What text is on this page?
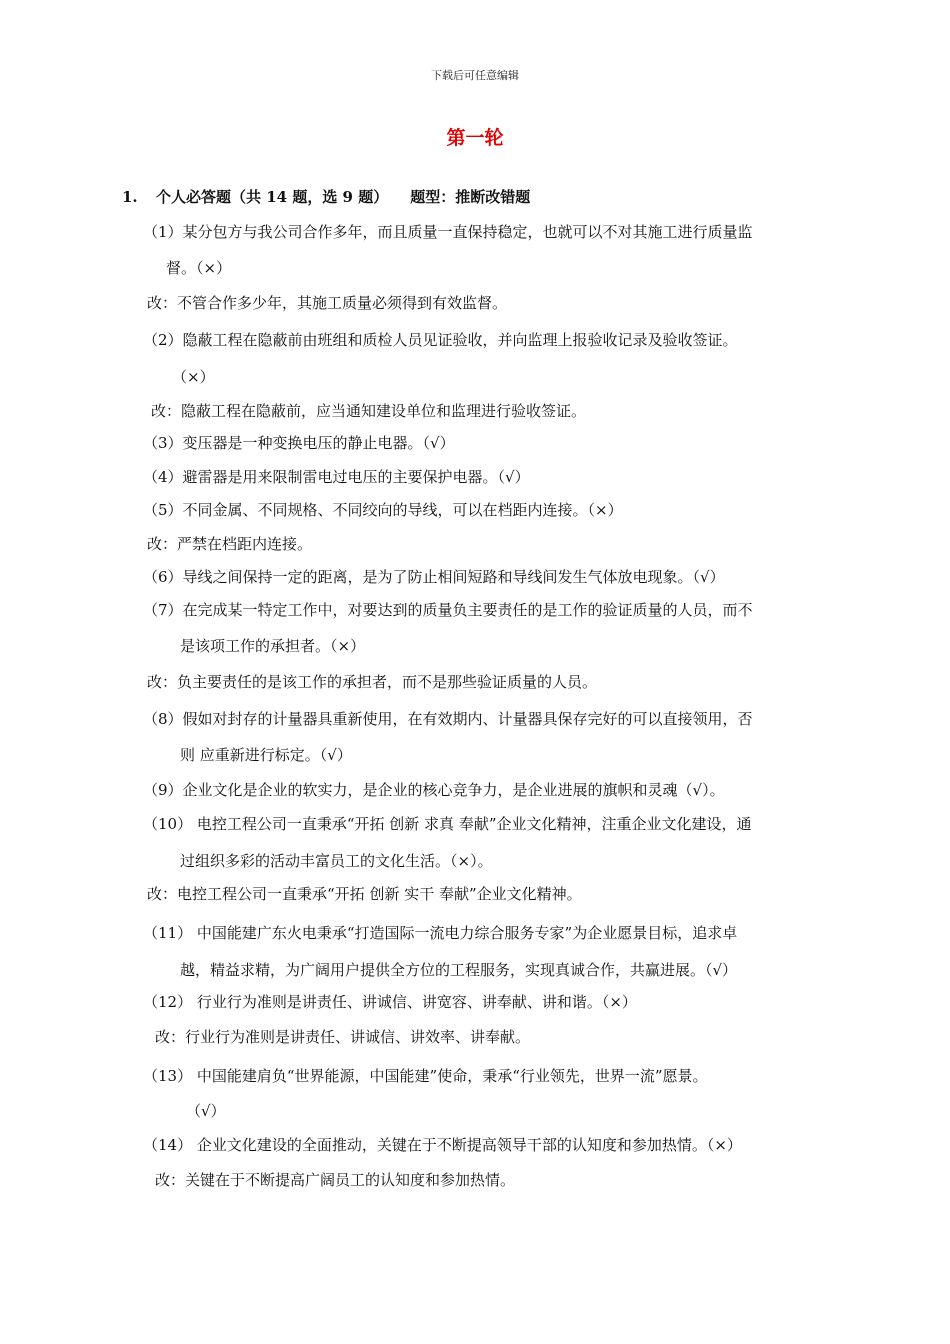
下载后可任意编辑
第一轮
1. 个人必答题（共 14 题，选 9 题） 题型：推断改错题
（1）某分包方与我公司合作多年，而且质量一直保持稳定，也就可以不对其施工进行质量监
督。（×）
改：不管合作多少年，其施工质量必须得到有效监督。
（2）隐蔽工程在隐蔽前由班组和质检人员见证验收，并向监理上报验收记录及验收签证。
（×）
改：隐蔽工程在隐蔽前，应当通知建设单位和监理进行验收签证。
（3）变压器是一种变换电压的静止电器。（√）
（4）避雷器是用来限制雷电过电压的主要保护电器。（√）
（5）不同金属、不同规格、不同绞向的导线，可以在档距内连接。（×）
改：严禁在档距内连接。
（6）导线之间保持一定的距离，是为了防止相间短路和导线间发生气体放电现象。（√）
（7）在完成某一特定工作中，对要达到的质量负主要责任的是工作的验证质量的人员，而不
是该项工作的承担者。（×）
改：负主要责任的是该工作的承担者，而不是那些验证质量的人员。
（8）假如对封存的计量器具重新使用，在有效期内、计量器具保存完好的可以直接领用，否
则 应重新进行标定。（√）
（9）企业文化是企业的软实力，是企业的核心竞争力，是企业进展的旗帜和灵魂（√）。
（10） 电控工程公司一直秉承“开拓 创新 求真 奉献”企业文化精神，注重企业文化建设，通
过组织多彩的活动丰富员工的文化生活。（×）。
改：电控工程公司一直秉承“开拓 创新 实干 奉献”企业文化精神。
（11） 中国能建广东火电秉承“打造国际一流电力综合服务专家”为企业愿景目标，追求卓
越，精益求精，为广阔用户提供全方位的工程服务，实现真诚合作，共赢进展。（√）
（12） 行业行为准则是讲责任、讲诚信、讲宽容、讲奉献、讲和谐。（×）
改：行业行为准则是讲责任、讲诚信、讲效率、讲奉献。
（13） 中国能建肩负“世界能源，中国能建”使命，秉承“行业领先，世界一流”愿景。
（√）
（14） 企业文化建设的全面推动，关键在于不断提高领导干部的认知度和参加热情。（×）
改：关键在于不断提高广阔员工的认知度和参加热情。
